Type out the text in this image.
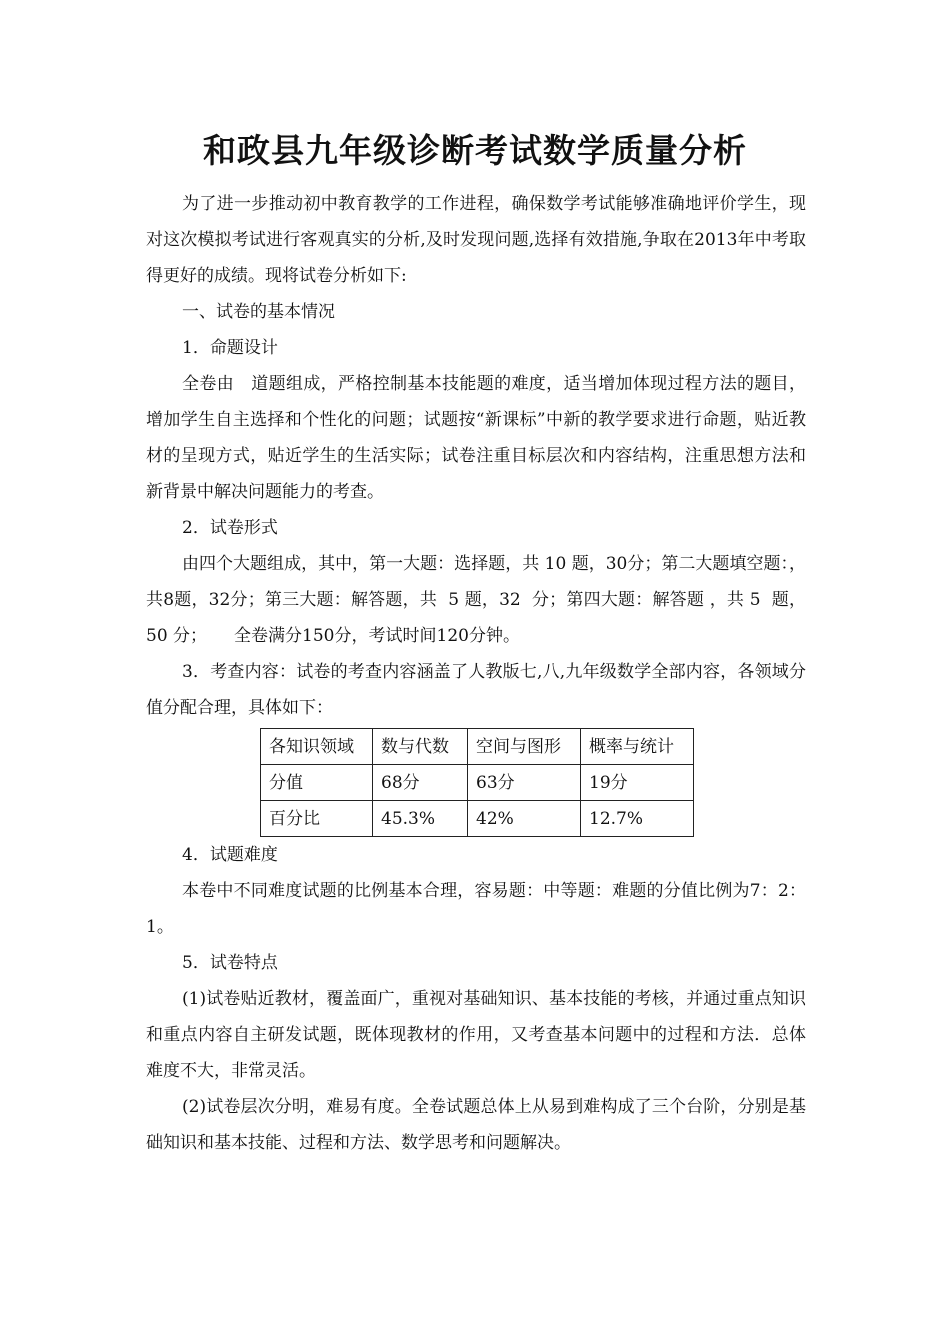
和政县九年级诊断考试数学质量分析

为了进一步推动初中教育教学的工作进程，确保数学考试能够准确地评价学生，现对这次模拟考试进行客观真实的分析,及时发现问题,选择有效措施,争取在2013年中考取得更好的成绩。现将试卷分析如下:

一、试卷的基本情况

1．命题设计

全卷由   道题组成，严格控制基本技能题的难度，适当增加体现过程方法的题目，增加学生自主选择和个性化的问题；试题按“新课标”中新的教学要求进行命题，贴近教材的呈现方式，贴近学生的生活实际；试卷注重目标层次和内容结构，注重思想方法和新背景中解决问题能力的考查。

2．试卷形式

由四个大题组成，其中，第一大题：选择题，共 10 题，30分；第二大题填空题：，共8题，32分；第三大题：解答题，共  5 题，32  分；第四大题：解答题 ，共 5  题，  50 分；     全卷满分150分，考试时间120分钟。

3．考查内容：试卷的考查内容涵盖了人教版七,八,九年级数学全部内容，各领域分值分配合理，具体如下：

各知识领域	数与代数	空间与图形	概率与统计
分值	68分	63分	19分
百分比	45.3%	42%	12.7%

4．试题难度

本卷中不同难度试题的比例基本合理，容易题：中等题：难题的分值比例为7：2：1。

5．试卷特点

(1)试卷贴近教材，覆盖面广，重视对基础知识、基本技能的考核，并通过重点知识和重点内容自主研发试题，既体现教材的作用，又考查基本问题中的过程和方法．总体难度不大，非常灵活。

(2)试卷层次分明，难易有度。全卷试题总体上从易到难构成了三个台阶，分别是基础知识和基本技能、过程和方法、数学思考和问题解决。
